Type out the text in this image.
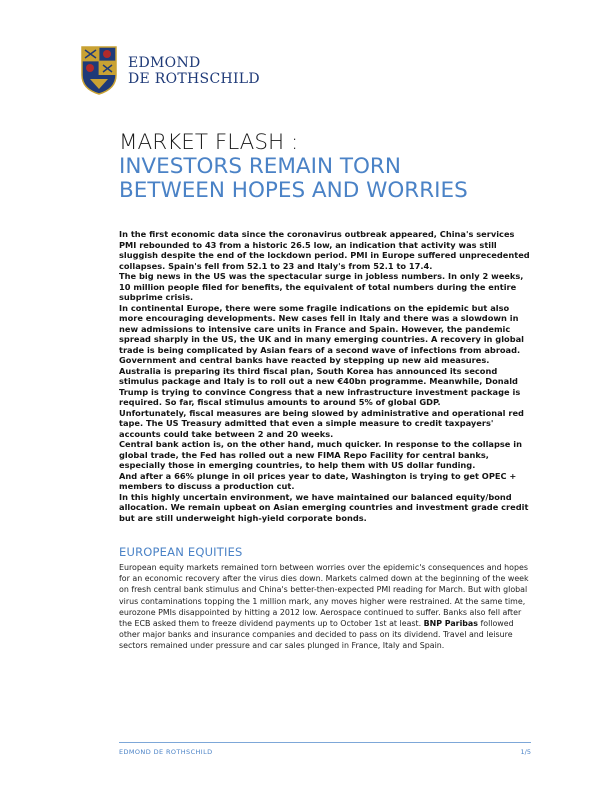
EDMOND
DE ROTHSCHILD
MARKET FLASH :
INVESTORS REMAIN TORN
BETWEEN HOPES AND WORRIES

In the first economic data since the coronavirus outbreak appeared, China's services PMI rebounded to 43 from a historic 26.5 low, an indication that activity was still sluggish despite the end of the lockdown period. PMI in Europe suffered unprecedented collapses. Spain's fell from 52.1 to 23 and Italy's from 52.1 to 17.4.

The big news in the US was the spectacular surge in jobless numbers. In only 2 weeks, 10 million people filed for benefits, the equivalent of total numbers during the entire subprime crisis.

In continental Europe, there were some fragile indications on the epidemic but also more encouraging developments. New cases fell in Italy and there was a slowdown in new admissions to intensive care units in France and Spain. However, the pandemic spread sharply in the US, the UK and in many emerging countries. A recovery in global trade is being complicated by Asian fears of a second wave of infections from abroad.

Government and central banks have reacted by stepping up new aid measures. Australia is preparing its third fiscal plan, South Korea has announced its second stimulus package and Italy is to roll out a new €40bn programme. Meanwhile, Donald Trump is trying to convince Congress that a new infrastructure investment package is required. So far, fiscal stimulus amounts to around 5% of global GDP.

Unfortunately, fiscal measures are being slowed by administrative and operational red tape. The US Treasury admitted that even a simple measure to credit taxpayers' accounts could take between 2 and 20 weeks.

Central bank action is, on the other hand, much quicker. In response to the collapse in global trade, the Fed has rolled out a new FIMA Repo Facility for central banks, especially those in emerging countries, to help them with US dollar funding.

And after a 66% plunge in oil prices year to date, Washington is trying to get OPEC + members to discuss a production cut.

In this highly uncertain environment, we have maintained our balanced equity/bond allocation. We remain upbeat on Asian emerging countries and investment grade credit but are still underweight high-yield corporate bonds.

EUROPEAN EQUITIES
European equity markets remained torn between worries over the epidemic's consequences and hopes for an economic recovery after the virus dies down. Markets calmed down at the beginning of the week on fresh central bank stimulus and China's better-then-expected PMI reading for March. But with global virus contaminations topping the 1 million mark, any moves higher were restrained. At the same time, eurozone PMIs disappointed by hitting a 2012 low. Aerospace continued to suffer. Banks also fell after the ECB asked them to freeze dividend payments up to October 1st at least. BNP Paribas followed other major banks and insurance companies and decided to pass on its dividend. Travel and leisure sectors remained under pressure and car sales plunged in France, Italy and Spain.
EDMOND DE ROTHSCHILD	1/5
